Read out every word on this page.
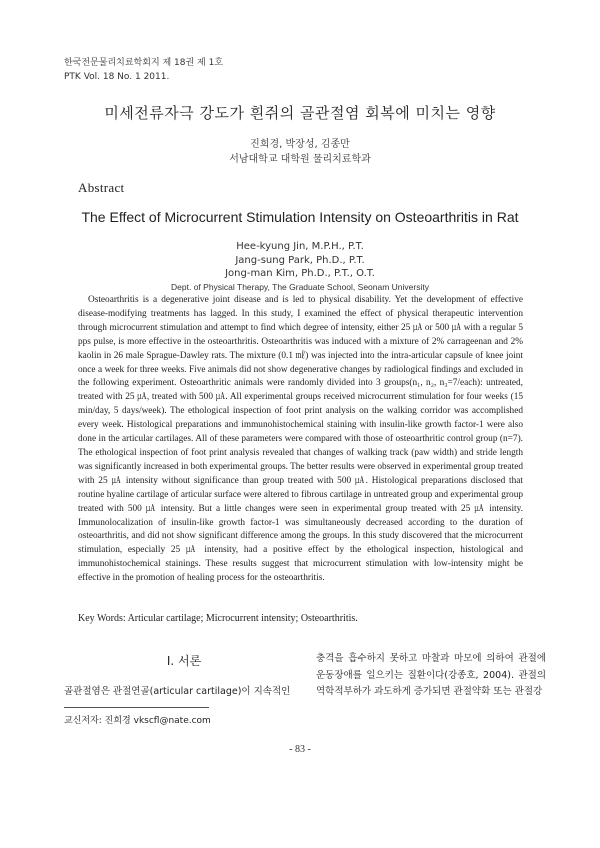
한국전문물리치료학회지 제 18권 제 1호
PTK Vol. 18 No. 1 2011.
미세전류자극 강도가 흰쥐의 골관절염 회복에 미치는 영향
진희경, 박장성, 김종만
서남대학교 대학원 물리치료학과
Abstract
The Effect of Microcurrent Stimulation Intensity on Osteoarthritis in Rat
Hee-kyung Jin, M.P.H., P.T.
Jang-sung Park, Ph.D., P.T.
Jong-man Kim, Ph.D., P.T., O.T.
Dept. of Physical Therapy, The Graduate School, Seonam University
Osteoarthritis is a degenerative joint disease and is led to physical disability. Yet the development of effective disease-modifying treatments has lagged. In this study, I examined the effect of physical therapeutic intervention through microcurrent stimulation and attempt to find which degree of intensity, either 25 ㎂ or 500 ㎂ with a regular 5 pps pulse, is more effective in the osteoarthritis. Osteoarthritis was induced with a mixture of 2% carrageenan and 2% kaolin in 26 male Sprague-Dawley rats. The mixture (0.1 ㎖) was injected into the intra-articular capsule of knee joint once a week for three weeks. Five animals did not show degenerative changes by radiological findings and excluded in the following experiment. Osteoarthritic animals were randomly divided into 3 groups(n₁, n₂, n₃=7/each): untreated, treated with 25 ㎂, treated with 500 ㎂. All experimental groups received microcurrent stimulation for four weeks (15 min/day, 5 days/week). The ethological inspection of foot print analysis on the walking corridor was accomplished every week. Histological preparations and immunohistochemical staining with insulin-like growth factor-1 were also done in the articular cartilages. All of these parameters were compared with those of osteoarthritic control group (n=7). The ethological inspection of foot print analysis revealed that changes of walking track (paw width) and stride length was significantly increased in both experimental groups. The better results were observed in experimental group treated with 25 ㎂ intensity without significance than group treated with 500 ㎂. Histological preparations disclosed that routine hyaline cartilage of articular surface were altered to fibrous cartilage in untreated group and experimental group treated with 500 ㎂ intensity. But a little changes were seen in experimental group treated with 25 ㎂ intensity. Immunolocalization of insulin-like growth factor-1 was simultaneously decreased according to the duration of osteoarthritis, and did not show significant difference among the groups. In this study discovered that the microcurrent stimulation, especially 25 ㎂ intensity, had a positive effect by the ethological inspection, histological and immunohistochemical stainings. These results suggest that microcurrent stimulation with low-intensity might be effective in the promotion of healing process for the osteoarthritis.
Key Words: Articular cartilage; Microcurrent intensity; Osteoarthritis.
Ⅰ. 서론

골관절염은 관절연골(articular cartilage)이 지속적인

충격을 흡수하지 못하고 마찰과 마모에 의하여 관절에 운동장애를 일으키는 질환이다(강종호, 2004). 관절의 역학적부하가 과도하게 증가되면 관절약화 또는 관절강
교신저자: 진희경 vkscfl@nate.com
- 83 -
